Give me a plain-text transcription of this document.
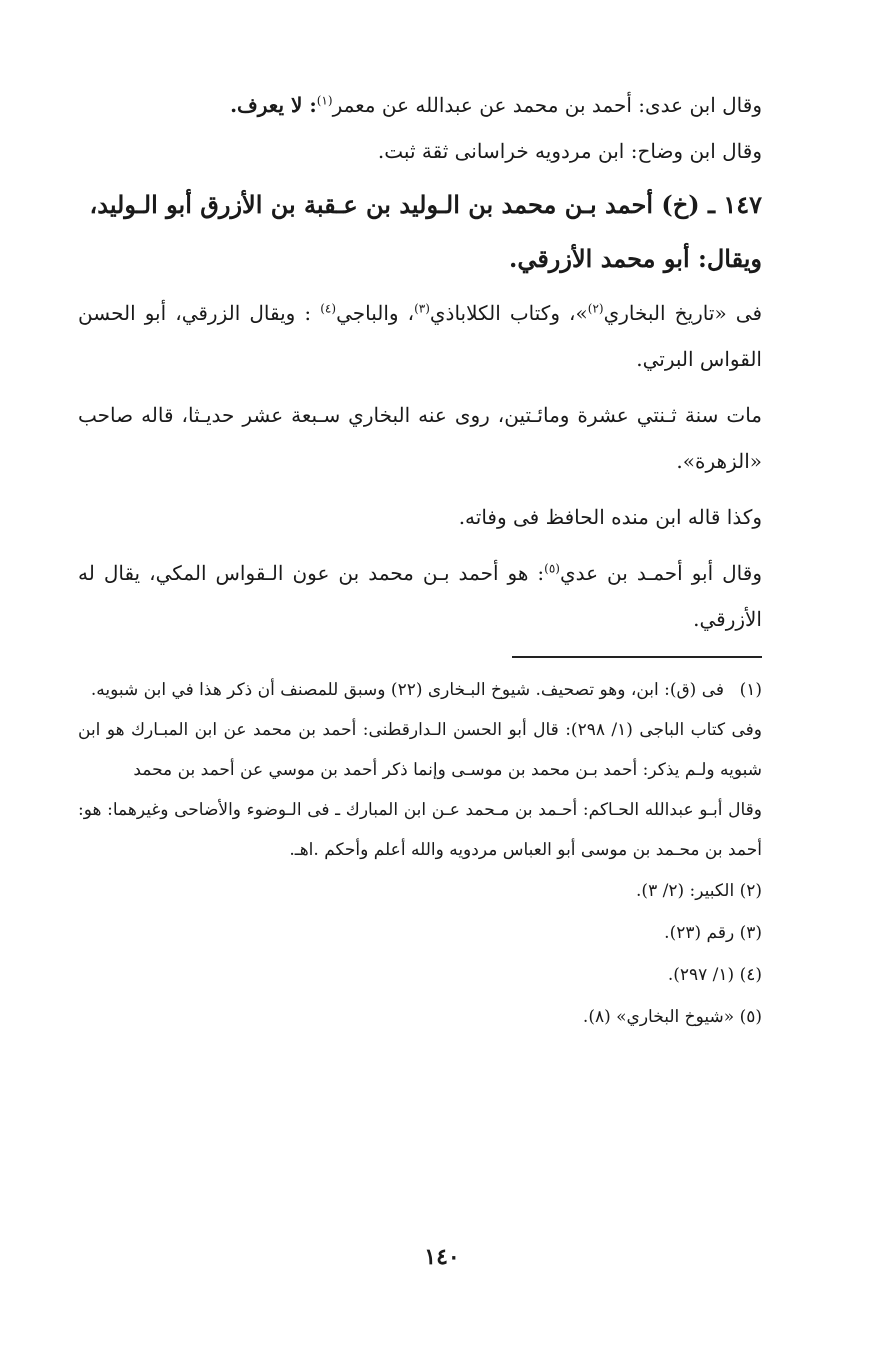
وقال ابن عدى: أحمد بن محمد عن عبدالله عن معمر$^{(١)}$: لا يعرف.

وقال ابن وضاح: ابن مردويه خراسانى ثقة ثبت.

١٤٧ ـ (خ) أحمد بـن محمد بن الـوليد بن عـقبة بن الأزرق أبو الـوليد،
ويقال: أبو محمد الأزرقي.

فى «تاريخ البخاري$^{(٢)}$»، وكتاب الكلاباذي$^{(٣)}$، والباجي$^{(٤)}$ : ويقال الزرقي، أبو الحسن القواس البرتي.

مات سنة ثـنتي عشرة ومائـتين، روى عنه البخاري سـبعة عشر حديـثا، قاله صاحب «الزهرة».

وكذا قاله ابن منده الحافظ فى وفاته.

وقال أبو أحمـد بن عدي$^{(٥)}$: هو أحمد بـن محمد بن عون الـقواس المكي، يقال له الأزرقي.

(١)فى (ق): ابن، وهو تصحيف. شيوخ البـخارى (٢٢) وسبق للمصنف أن ذكر هذا في ابن شبويه.

وفى كتاب الباجى (١/ ٢٩٨): قال أبو الحسن الـدارقطنى: أحمد بن محمد عن ابن المبـارك هو ابن شبويه ولـم يذكر: أحمد بـن محمد بن موسـى وإنما ذكر أحمد بن موسي عن أحمد بن محمد

وقال أبـو عبدالله الحـاكم: أحـمد بن مـحمد عـن ابن المبارك ـ فى الـوضوء والأضاحى وغيرهما: هو: أحمد بن محـمد بن موسى أبو العباس مردويه والله أعلم وأحكم .اهـ.

(٢) الكبير: (٢/ ٣).

(٣) رقم (٢٣).

(٤) (١/ ٢٩٧).

(٥) «شيوخ البخاري» (٨).

١٤٠
